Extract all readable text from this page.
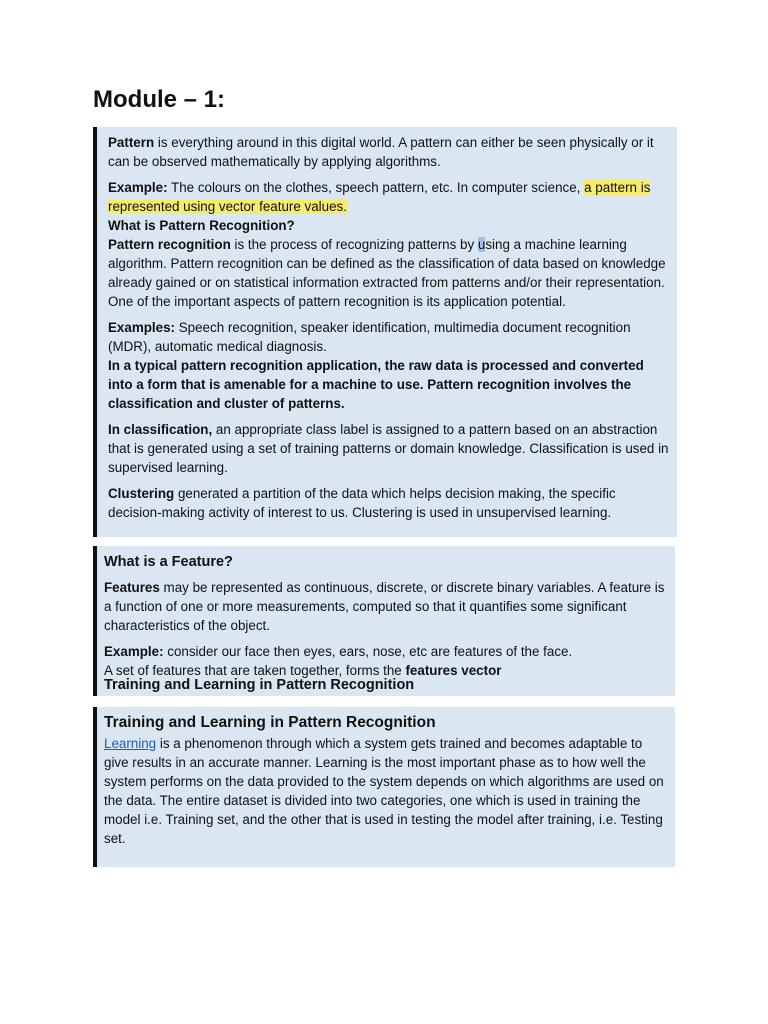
Module – 1:

Pattern is everything around in this digital world. A pattern can either be seen physically or it can be observed mathematically by applying algorithms.

Example: The colours on the clothes, speech pattern, etc. In computer science, a pattern is represented using vector feature values.

What is Pattern Recognition?
Pattern recognition is the process of recognizing patterns by using a machine learning algorithm. Pattern recognition can be defined as the classification of data based on knowledge already gained or on statistical information extracted from patterns and/or their representation. One of the important aspects of pattern recognition is its application potential.

Examples: Speech recognition, speaker identification, multimedia document recognition (MDR), automatic medical diagnosis.
In a typical pattern recognition application, the raw data is processed and converted into a form that is amenable for a machine to use. Pattern recognition involves the classification and cluster of patterns.

In classification, an appropriate class label is assigned to a pattern based on an abstraction that is generated using a set of training patterns or domain knowledge. Classification is used in supervised learning.

Clustering generated a partition of the data which helps decision making, the specific decision-making activity of interest to us. Clustering is used in unsupervised learning.

What is a Feature?

Features may be represented as continuous, discrete, or discrete binary variables. A feature is a function of one or more measurements, computed so that it quantifies some significant characteristics of the object.

Example: consider our face then eyes, ears, nose, etc are features of the face.
A set of features that are taken together, forms the features vector

Training and Learning in Pattern Recognition
Training and Learning in Pattern Recognition

Learning is a phenomenon through which a system gets trained and becomes adaptable to give results in an accurate manner. Learning is the most important phase as to how well the system performs on the data provided to the system depends on which algorithms are used on the data. The entire dataset is divided into two categories, one which is used in training the model i.e. Training set, and the other that is used in testing the model after training, i.e. Testing set.
